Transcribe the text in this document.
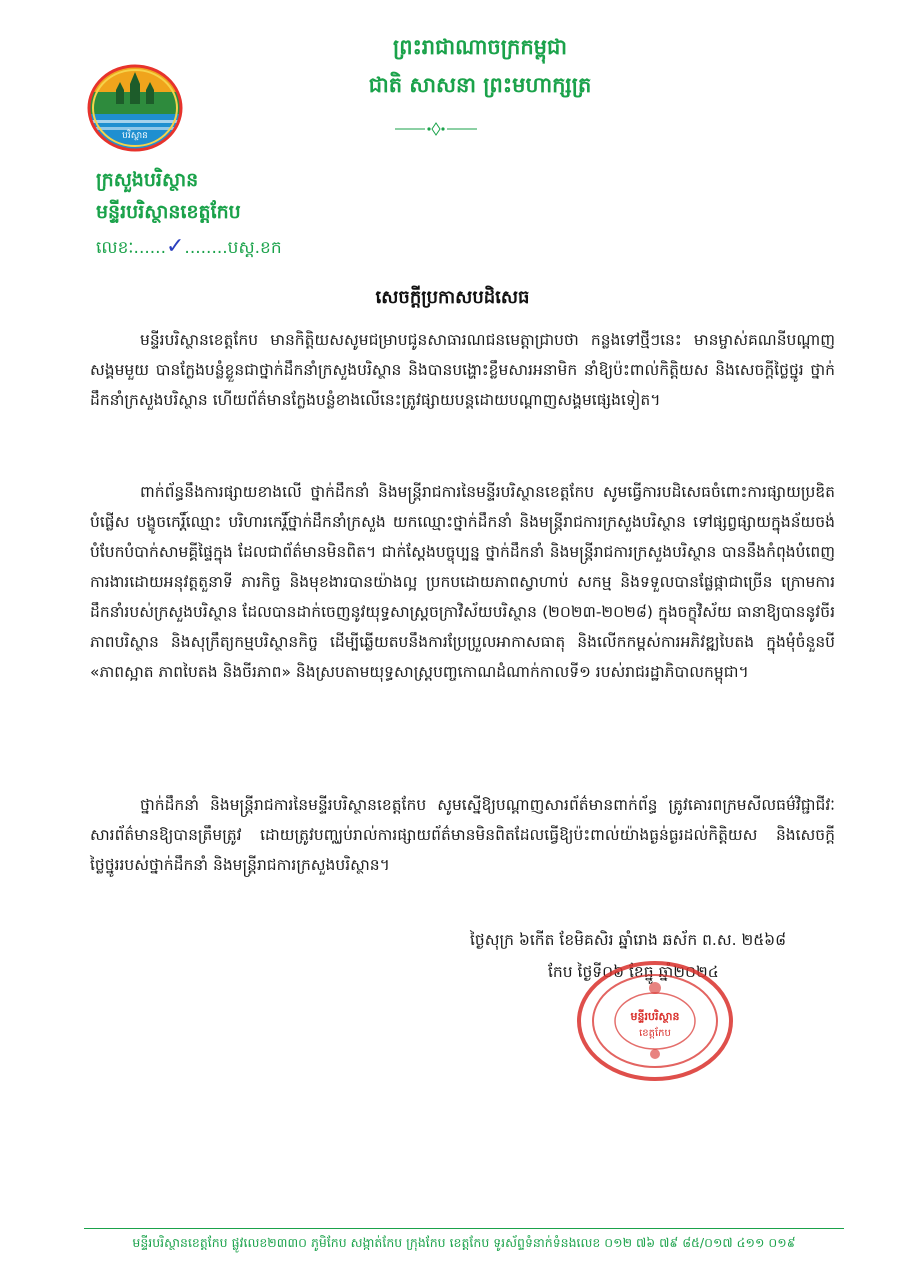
ព្រះរាជាណាចក្រកម្ពុជា
ជាតិ សាសនា ព្រះមហាក្សត្រ
បរិស្ថាន
ក្រសួងបរិស្ថាន
មន្ទីរបរិស្ថានខេត្តកែប
លេខៈ......✓........បស្ត.ខក
សេចក្តីប្រកាសបដិសេធ
មន្ទីរបរិស្ថានខេត្តកែប មានកិត្តិយសសូមជម្រាបជូនសាធារណជនមេត្តាជ្រាបថា កន្លងទៅថ្មីៗនេះ មានម្ចាស់គណនីបណ្តាញសង្គមមួយ បានក្លែងបន្លំខ្លួនជាថ្នាក់ដឹកនាំក្រសួងបរិស្ថាន និងបានបង្ហោះខ្លឹមសារអនាមិក នាំឱ្យប៉ះពាល់កិត្តិយស និងសេចក្តីថ្លៃថ្នូរ ថ្នាក់ដឹកនាំក្រសួងបរិស្ថាន ហើយព័ត៌មានក្លែងបន្លំខាងលើនេះត្រូវផ្សាយបន្តដោយបណ្តាញសង្គមផ្សេងទៀត។
ពាក់ព័ន្ធនឹងការផ្សាយខាងលើ ថ្នាក់ដឹកនាំ និងមន្ត្រីរាជការនៃមន្ទីរបរិស្ថានខេត្តកែប សូមធ្វើការបដិសេធចំពោះការផ្សាយប្រឌិត បំផ្លើស បង្ខូចកេរ្តិ៍ឈ្មោះ បរិហារកេរ្តិ៍ថ្នាក់ដឹកនាំក្រសួង យកឈ្មោះថ្នាក់ដឹកនាំ និងមន្ត្រីរាជការក្រសួងបរិស្ថាន ទៅផ្សព្វផ្សាយក្នុងន័យចង់បំបែកបំបាក់សាមគ្គីផ្ទៃក្នុង ដែលជាព័ត៌មានមិនពិត។ ជាក់ស្តែងបច្ចុប្បន្ន ថ្នាក់ដឹកនាំ និងមន្ត្រីរាជការក្រសួងបរិស្ថាន បាននឹងកំពុងបំពេញការងារដោយអនុវត្តតួនាទី ភារកិច្ច និងមុខងារបានយ៉ាងល្អ ប្រកបដោយភាពស្វាហាប់ សកម្ម និងទទួលបានផ្លែផ្កាជាច្រើន ក្រោមការដឹកនាំរបស់ក្រសួងបរិស្ថាន ដែលបានដាក់ចេញនូវយុទ្ធសាស្ត្រចក្រាវិស័យបរិស្ថាន (២០២៣-២០២៨) ក្នុងចក្ខុវិស័យ ធានាឱ្យបាននូវចីរភាពបរិស្ថាន និងសុក្រឹត្យកម្មបរិស្ថានកិច្ច ដើម្បីឆ្លើយតបនឹងការប្រែប្រួលអាកាសធាតុ និងលើកកម្ពស់ការអភិវឌ្ឍបៃតង ក្នុងមុំចំនួនបី «ភាពស្អាត ភាពបៃតង និងចីរភាព» និងស្របតាមយុទ្ធសាស្ត្របញ្ចកោណដំណាក់កាលទី១ របស់រាជរដ្ឋាភិបាលកម្ពុជា។
ថ្នាក់ដឹកនាំ និងមន្ត្រីរាជការនៃមន្ទីរបរិស្ថានខេត្តកែប សូមស្នើឱ្យបណ្តាញសារព័ត៌មានពាក់ព័ន្ធ ត្រូវគោរពក្រមសីលធម៌វិជ្ជាជីវៈសារព័ត៌មានឱ្យបានត្រឹមត្រូវ ដោយត្រូវបញ្ឈប់រាល់ការផ្សាយព័ត៌មានមិនពិតដែលធ្វើឱ្យប៉ះពាល់យ៉ាងធ្ងន់ធ្ងរដល់កិត្តិយស និងសេចក្តីថ្លៃថ្នូររបស់ថ្នាក់ដឹកនាំ និងមន្ត្រីរាជការក្រសួងបរិស្ថាន។
ថ្ងៃសុក្រ ៦កើត ខែមិគសិរ ឆ្នាំរោង ឆស័ក ព.ស. ២៥៦៨
កែប ថ្ងៃទី០៦ ខែធ្នូ ឆ្នាំ២០២៤
មន្ទីរបរិស្ថាន
ខេត្តកែប
មន្ទីរបរិស្ថានខេត្តកែប ផ្លូវលេខ២៣៣០ ភូមិកែប សង្កាត់កែប ក្រុងកែប ខេត្តកែប ទូរស័ព្ទទំនាក់ទំនងលេខ ០១២ ៧៦ ៧៩ ៨៥/០១៧ ៤១១ ០១៩
